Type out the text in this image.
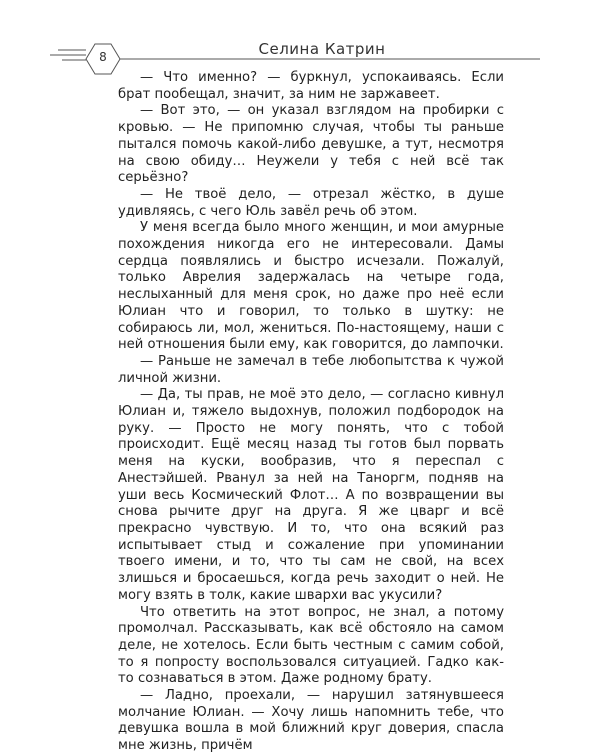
8	Селина Катрин

— Что именно? — буркнул, успокаиваясь. Если брат пообещал, значит, за ним не заржавеет.

— Вот это, — он указал взглядом на пробирки с кровью. — Не припомню случая, чтобы ты раньше пытался помочь какой-либо девушке, а тут, несмотря на свою обиду… Неужели у тебя с ней всё так серьёзно?

— Не твоё дело, — отрезал жёстко, в душе удивляясь, с чего Юль завёл речь об этом.

У меня всегда было много женщин, и мои амурные похождения никогда его не интересовали. Дамы сердца появлялись и быстро исчезали. Пожалуй, только Аврелия задержалась на четыре года, неслыханный для меня срок, но даже про неё если Юлиан что и говорил, то только в шутку: не собираюсь ли, мол, жениться. По-настоящему, наши с ней отношения были ему, как говорится, до лампочки.

— Раньше не замечал в тебе любопытства к чужой личной жизни.

— Да, ты прав, не моё это дело, — согласно кивнул Юлиан и, тяжело выдохнув, положил подбородок на руку. — Просто не могу понять, что с тобой происходит. Ещё месяц назад ты готов был порвать меня на куски, вообразив, что я переспал с Анестэйшей. Рванул за ней на Таноргм, подняв на уши весь Космический Флот… А по возвращении вы снова рычите друг на друга. Я же цварг и всё прекрасно чувствую. И то, что она всякий раз испытывает стыд и сожаление при упоминании твоего имени, и то, что ты сам не свой, на всех злишься и бросаешься, когда речь заходит о ней. Не могу взять в толк, какие швархи вас укусили?

Что ответить на этот вопрос, не знал, а потому промолчал. Рассказывать, как всё обстояло на самом деле, не хотелось. Если быть честным с самим собой, то я попросту воспользовался ситуацией. Гадко как-то сознаваться в этом. Даже родному брату.

— Ладно, проехали, — нарушил затянувшееся молчание Юлиан. — Хочу лишь напомнить тебе, что девушка вошла в мой ближний круг доверия, спасла мне жизнь, причём
